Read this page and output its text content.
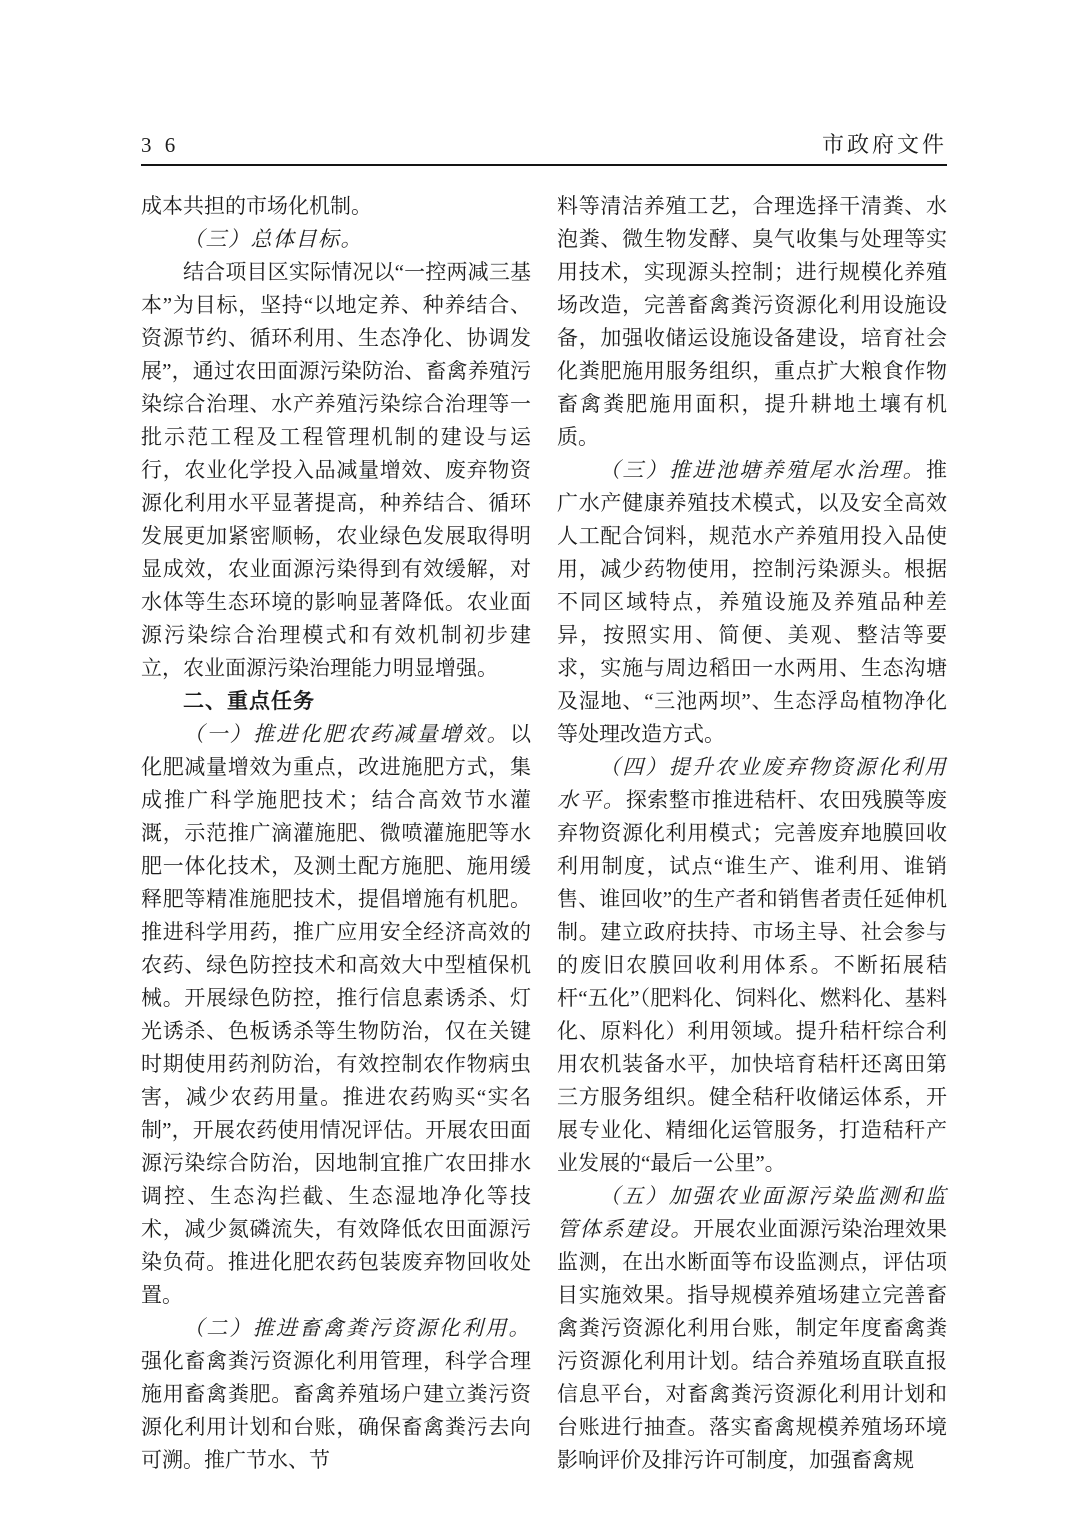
3 6	市政府文件

成本共担的市场化机制。

（三）总体目标。

结合项目区实际情况以“一控两减三基本”为目标，坚持“以地定养、种养结合、资源节约、循环利用、生态净化、协调发展”，通过农田面源污染防治、畜禽养殖污染综合治理、水产养殖污染综合治理等一批示范工程及工程管理机制的建设与运行，农业化学投入品减量增效、废弃物资源化利用水平显著提高，种养结合、循环发展更加紧密顺畅，农业绿色发展取得明显成效，农业面源污染得到有效缓解，对水体等生态环境的影响显著降低。农业面源污染综合治理模式和有效机制初步建立，农业面源污染治理能力明显增强。

二、重点任务

（一）推进化肥农药减量增效。以化肥减量增效为重点，改进施肥方式，集成推广科学施肥技术；结合高效节水灌溉，示范推广滴灌施肥、微喷灌施肥等水肥一体化技术，及测土配方施肥、施用缓释肥等精准施肥技术，提倡增施有机肥。推进科学用药，推广应用安全经济高效的农药、绿色防控技术和高效大中型植保机械。开展绿色防控，推行信息素诱杀、灯光诱杀、色板诱杀等生物防治，仅在关键时期使用药剂防治，有效控制农作物病虫害，减少农药用量。推进农药购买“实名制”，开展农药使用情况评估。开展农田面源污染综合防治，因地制宜推广农田排水调控、生态沟拦截、生态湿地净化等技术，减少氮磷流失，有效降低农田面源污染负荷。推进化肥农药包装废弃物回收处置。

（二）推进畜禽粪污资源化利用。强化畜禽粪污资源化利用管理，科学合理施用畜禽粪肥。畜禽养殖场户建立粪污资源化利用计划和台账，确保畜禽粪污去向可溯。推广节水、节

料等清洁养殖工艺，合理选择干清粪、水泡粪、微生物发酵、臭气收集与处理等实用技术，实现源头控制；进行规模化养殖场改造，完善畜禽粪污资源化利用设施设备，加强收储运设施设备建设，培育社会化粪肥施用服务组织，重点扩大粮食作物畜禽粪肥施用面积，提升耕地土壤有机质。

（三）推进池塘养殖尾水治理。推广水产健康养殖技术模式，以及安全高效人工配合饲料，规范水产养殖用投入品使用，减少药物使用，控制污染源头。根据不同区域特点，养殖设施及养殖品种差异，按照实用、简便、美观、整洁等要求，实施与周边稻田一水两用、生态沟塘及湿地、“三池两坝”、生态浮岛植物净化等处理改造方式。

（四）提升农业废弃物资源化利用水平。探索整市推进秸杆、农田残膜等废弃物资源化利用模式；完善废弃地膜回收利用制度，试点“谁生产、谁利用、谁销售、谁回收”的生产者和销售者责任延伸机制。建立政府扶持、市场主导、社会参与的废旧农膜回收利用体系。不断拓展秸杆“五化”（肥料化、饲料化、燃料化、基料化、原料化）利用领域。提升秸杆综合利用农机装备水平，加快培育秸杆还离田第三方服务组织。健全秸秆收储运体系，开展专业化、精细化运管服务，打造秸秆产业发展的“最后一公里”。

（五）加强农业面源污染监测和监管体系建设。开展农业面源污染治理效果监测，在出水断面等布设监测点，评估项目实施效果。指导规模养殖场建立完善畜禽粪污资源化利用台账，制定年度畜禽粪污资源化利用计划。结合养殖场直联直报信息平台，对畜禽粪污资源化利用计划和台账进行抽查。落实畜禽规模养殖场环境影响评价及排污许可制度，加强畜禽规
